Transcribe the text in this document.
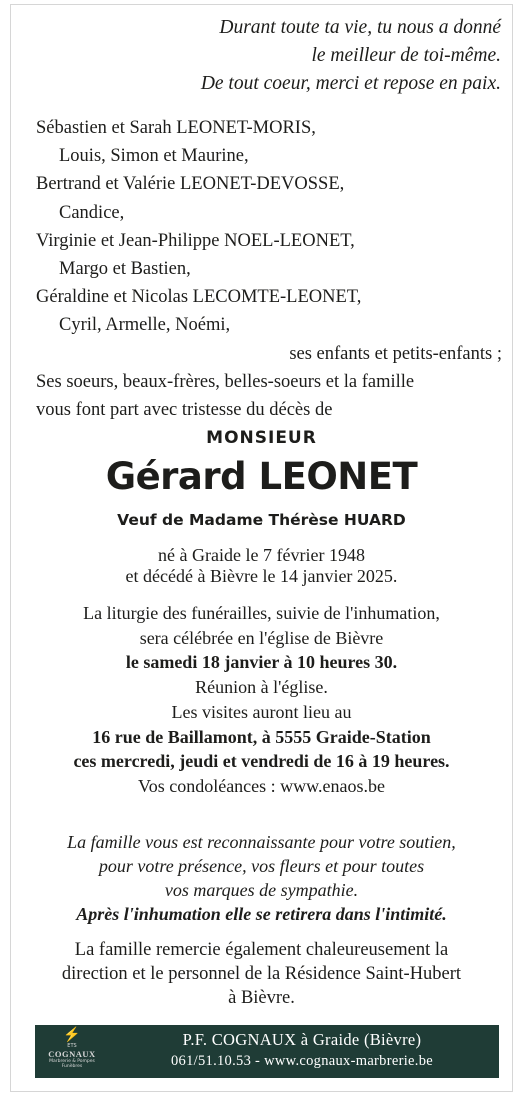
Durant toute ta vie, tu nous a donné
le meilleur de toi-même.
De tout coeur, merci et repose en paix.
Sébastien et Sarah LEONET-MORIS,
Louis, Simon et Maurine,
Bertrand et Valérie LEONET-DEVOSSE,
Candice,
Virginie et Jean-Philippe NOEL-LEONET,
Margo et Bastien,
Géraldine et Nicolas LECOMTE-LEONET,
Cyril, Armelle, Noémi,
ses enfants et petits-enfants ;
Ses soeurs, beaux-frères, belles-soeurs et la famille
vous font part avec tristesse du décès de
MONSIEUR
Gérard LEONET
Veuf de Madame Thérèse HUARD
né à Graide le 7 février 1948
et décédé à Bièvre le 14 janvier 2025.
La liturgie des funérailles, suivie de l'inhumation,
sera célébrée en l'église de Bièvre
le samedi 18 janvier à 10 heures 30.
Réunion à l'église.
Les visites auront lieu au
16 rue de Baillamont, à 5555 Graide-Station
ces mercredi, jeudi et vendredi de 16 à 19 heures.
Vos condoléances : www.enaos.be
La famille vous est reconnaissante pour votre soutien,
pour votre présence, vos fleurs et pour toutes
vos marques de sympathie.
Après l'inhumation elle se retirera dans l'intimité.
La famille remercie également chaleureusement la
direction et le personnel de la Résidence Saint-Hubert
à Bièvre.
⚡
ETS
COGNAUX
Marbrerie & Pompes Funèbres
P.F. COGNAUX à Graide (Bièvre)
061/51.10.53 - www.cognaux-marbrerie.be
